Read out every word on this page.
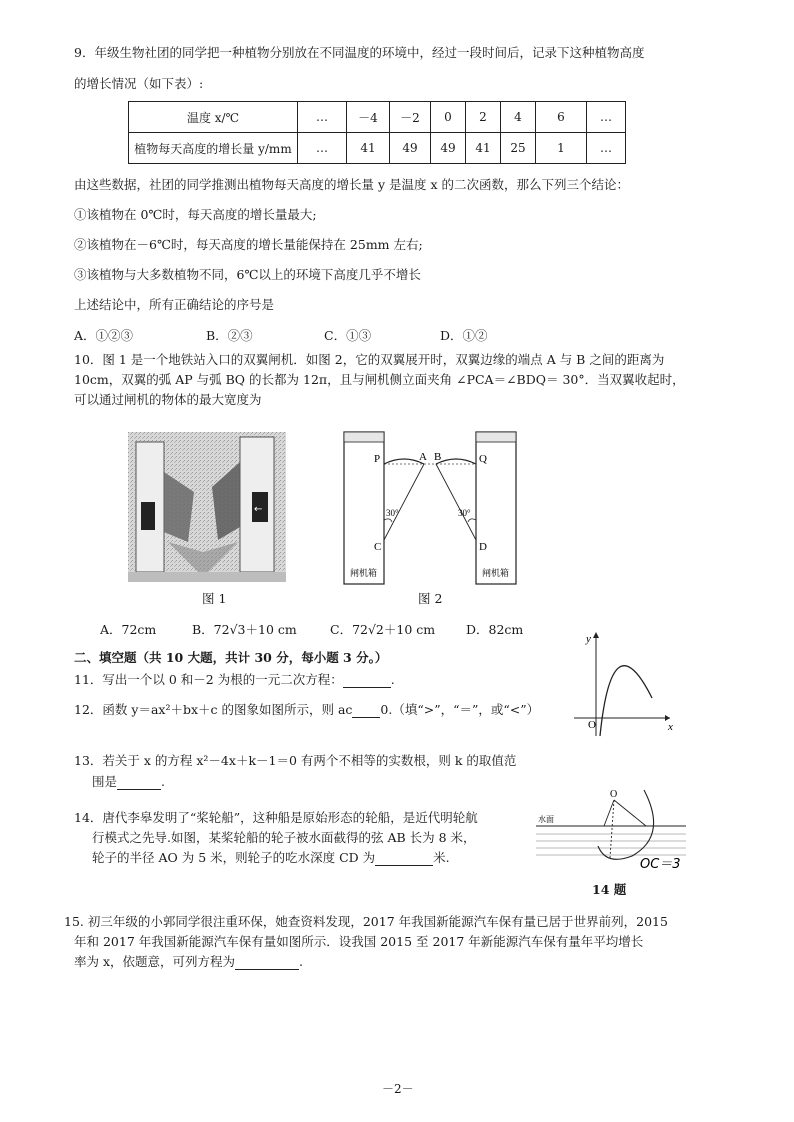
9．年级生物社团的同学把一种植物分别放在不同温度的环境中，经过一段时间后，记录下这种植物高度
的增长情况（如下表）:
温度 x/℃	…	－4	－2	0	2	4	6	…
植物每天高度的增长量 y/mm	…	41	49	49	41	25	1	…
由这些数据，社团的同学推测出植物每天高度的增长量 y 是温度 x 的二次函数，那么下列三个结论：
①该植物在 0℃时，每天高度的增长量最大;
②该植物在－6℃时，每天高度的增长量能保持在 25mm 左右;
③该植物与大多数植物不同，6℃以上的环境下高度几乎不增长
上述结论中，所有正确结论的序号是
A．①②③	B．②③	C．①③	D．①②
10．图 1 是一个地铁站入口的双翼闸机．如图 2，它的双翼展开时，双翼边缘的端点 A 与 B 之间的距离为
10cm，双翼的弧 AP 与弧 BQ 的长都为 12π，且与闸机侧立面夹角 ∠PCA＝∠BDQ＝ 30°．当双翼收起时，
可以通过闸机的物体的最大宽度为
←
图 1
P	Q
A B
C	D
30°	30°
闸机箱	闸机箱
图 2
A．72cm	B．72√3＋10 cm	C．72√2＋10 cm D．82cm
二、填空题（共 10 大题，共计 30 分，每小题 3 分。）
11．写出一个以 0 和－2 为根的一元二次方程：	.
12．函数 y＝ax²＋bx＋c 的图象如图所示，则 ac 0.（填“>”，“＝”，或“<”）
y
x
O
13．若关于 x 的方程 x²－4x＋k－1＝0 有两个不相等的实数根，则 k 的取值范
围是	.
14．唐代李皋发明了“桨轮船”，这种船是原始形态的轮船，是近代明轮航
行模式之先导.如图，某桨轮船的轮子被水面截得的弦 AB 长为 8 米，
轮子的半径 AO 为 5 米，则轮子的吃水深度 CD 为	米.
O
水面
OC＝3
14 题
15. 初三年级的小郭同学很注重环保，她查资料发现，2017 年我国新能源汽车保有量已居于世界前列，2015
年和 2017 年我国新能源汽车保有量如图所示．设我国 2015 至 2017 年新能源汽车保有量年平均增长
率为 x，依题意，可列方程为	.
－2－
